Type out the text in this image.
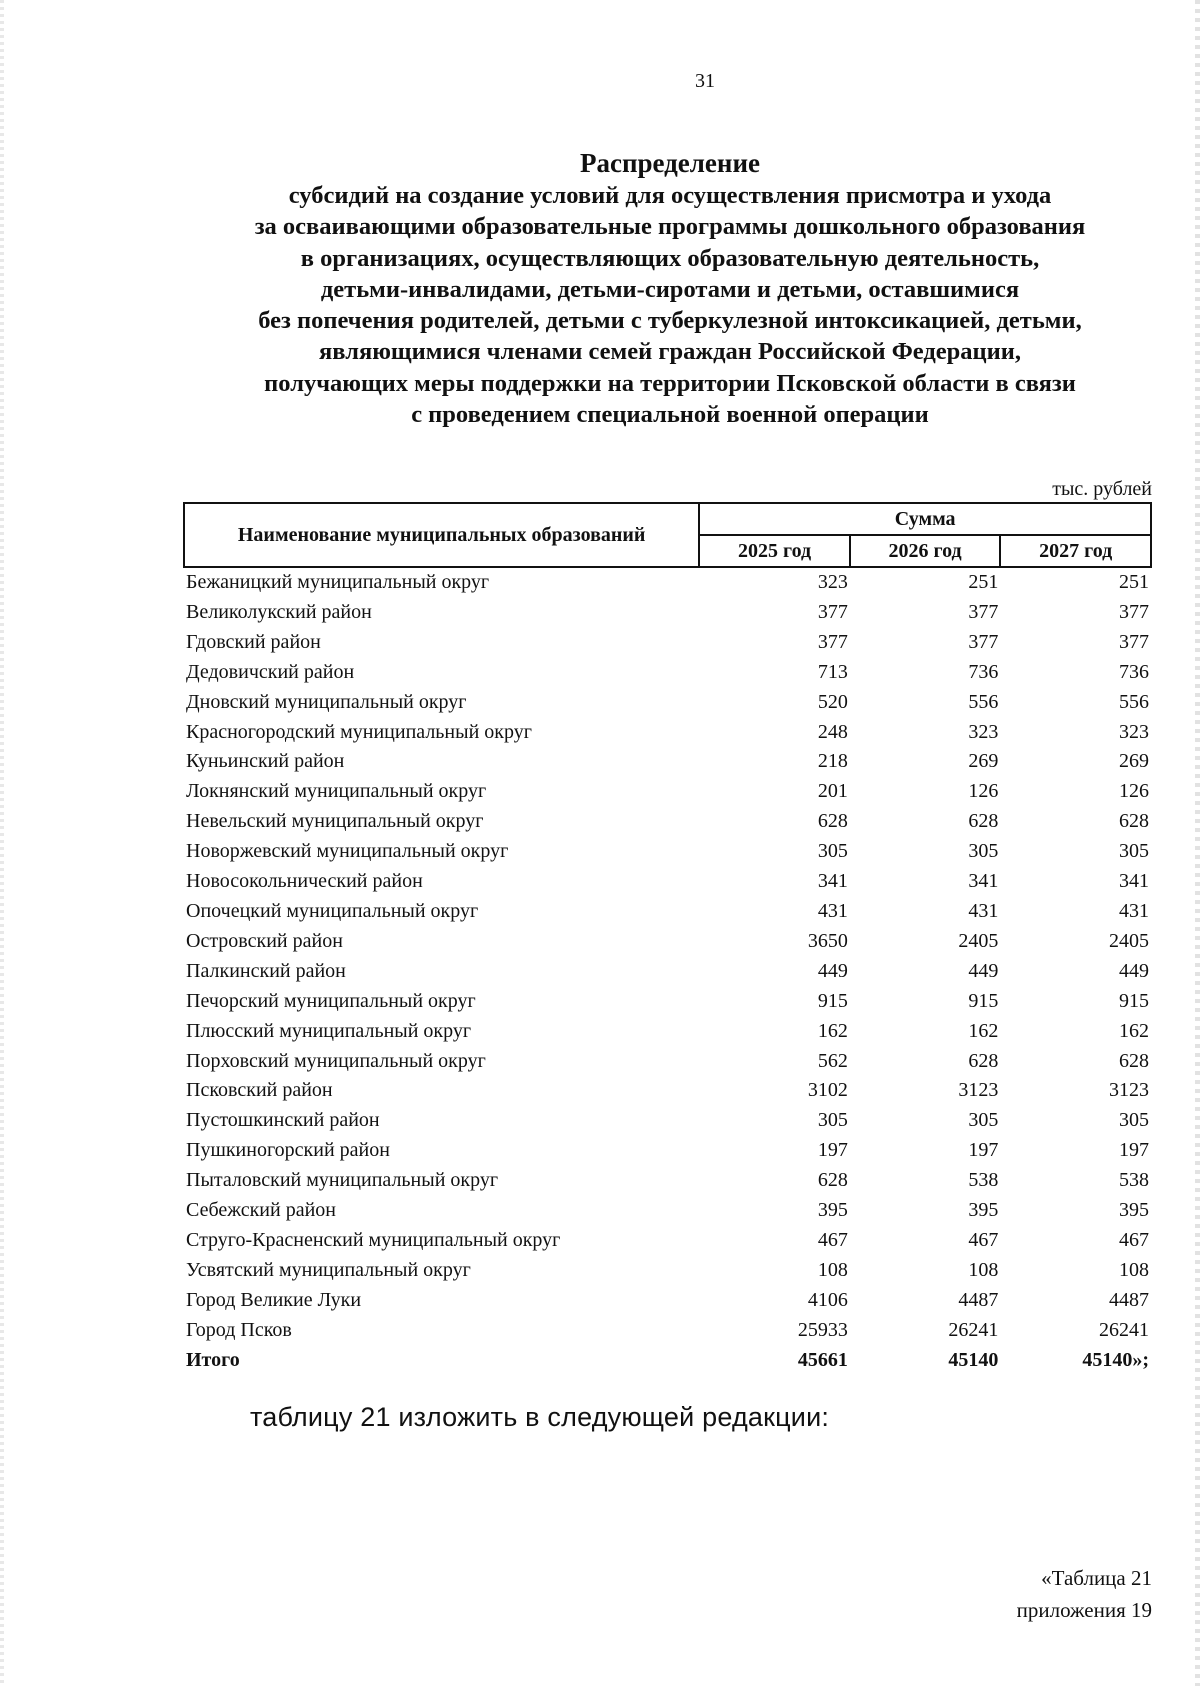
31
Распределение
субсидий на создание условий для осуществления присмотра и ухода
за осваивающими образовательные программы дошкольного образования
в организациях, осуществляющих образовательную деятельность,
детьми-инвалидами, детьми-сиротами и детьми, оставшимися
без попечения родителей, детьми с туберкулезной интоксикацией, детьми,
являющимися членами семей граждан Российской Федерации,
получающих меры поддержки на территории Псковской области в связи
с проведением специальной военной операции
тыс. рублей
Наименование муниципальных образований	Сумма		
	2025 год	2026 год	2027 год
Бежаницкий муниципальный округ	323	251	251
Великолукский район	377	377	377
Гдовский район	377	377	377
Дедовичский район	713	736	736
Дновский муниципальный округ	520	556	556
Красногородский муниципальный округ	248	323	323
Куньинский район	218	269	269
Локнянский муниципальный округ	201	126	126
Невельский муниципальный округ	628	628	628
Новоржевский муниципальный округ	305	305	305
Новосокольнический район	341	341	341
Опочецкий муниципальный округ	431	431	431
Островский район	3650	2405	2405
Палкинский район	449	449	449
Печорский муниципальный округ	915	915	915
Плюсский муниципальный округ	162	162	162
Порховский муниципальный округ	562	628	628
Псковский район	3102	3123	3123
Пустошкинский район	305	305	305
Пушкиногорский район	197	197	197
Пыталовский муниципальный округ	628	538	538
Себежский район	395	395	395
Струго-Красненский муниципальный округ	467	467	467
Усвятский муниципальный округ	108	108	108
Город Великие Луки	4106	4487	4487
Город Псков	25933	26241	26241
Итого	45661	45140	45140»;
таблицу 21 изложить в следующей редакции:
«Таблица 21
приложения 19
